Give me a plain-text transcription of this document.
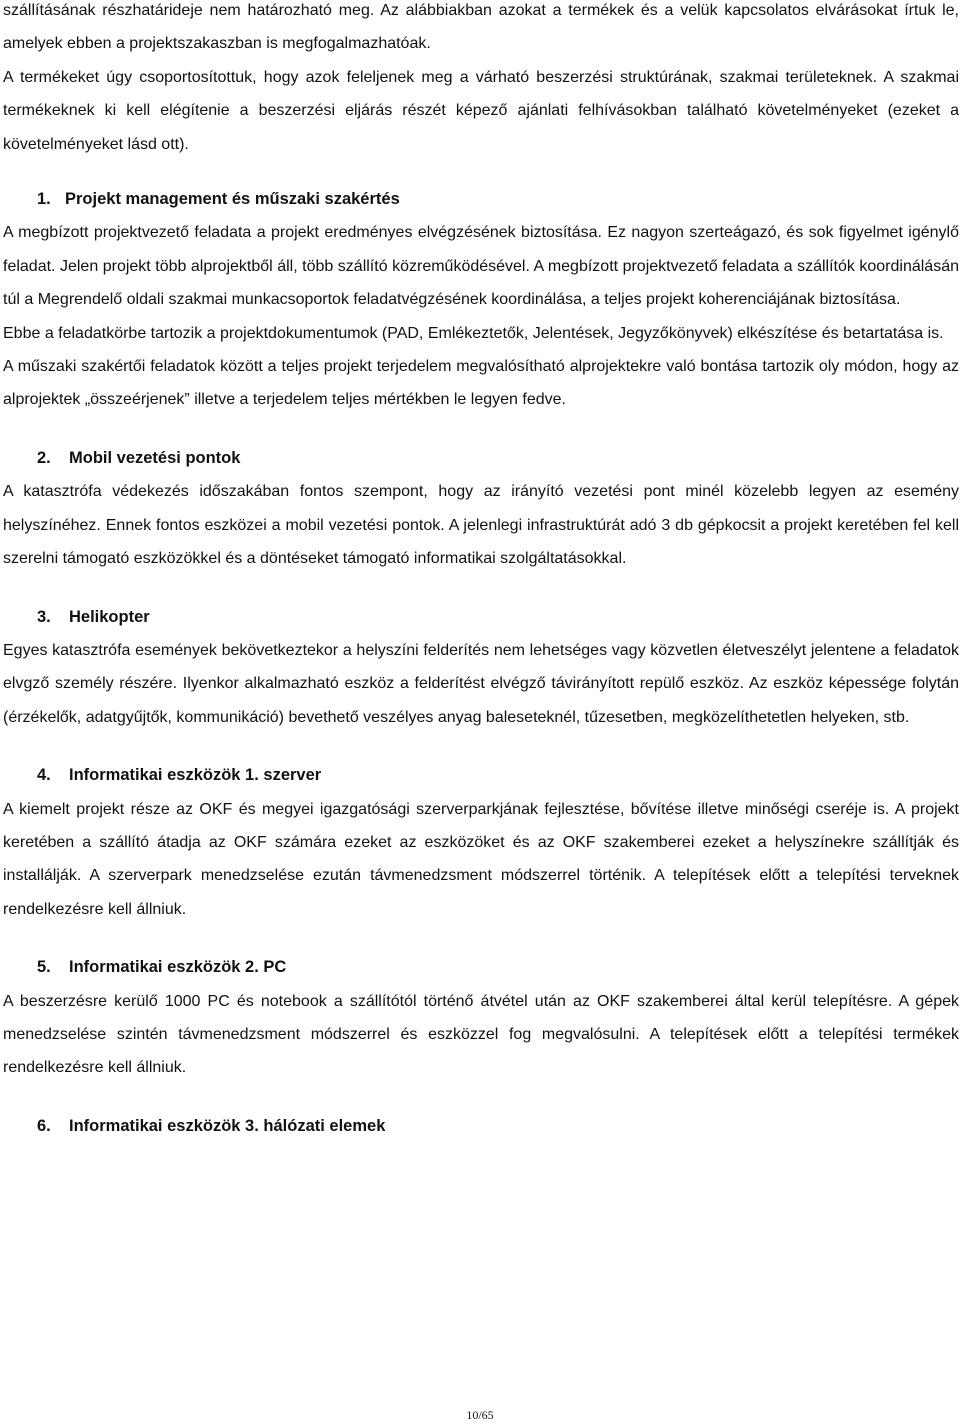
szállításának részhatárideje nem határozható meg. Az alábbiakban azokat a termékek és a velük kapcsolatos elvárásokat írtuk le, amelyek ebben a projektszakaszban is megfogalmazhatóak.

A termékeket úgy csoportosítottuk, hogy azok feleljenek meg a várható beszerzési struktúrának, szakmai területeknek. A szakmai termékeknek ki kell elégítenie a beszerzési eljárás részét képező ajánlati felhívásokban található követelményeket (ezeket a követelményeket lásd ott).

1. Projekt management és műszaki szakértés

A megbízott projektvezető feladata a projekt eredményes elvégzésének biztosítása. Ez nagyon szerteágazó, és sok figyelmet igénylő feladat. Jelen projekt több alprojektből áll, több szállító közreműködésével. A megbízott projektvezető feladata a szállítók koordinálásán túl a Megrendelő oldali szakmai munkacsoportok feladatvégzésének koordinálása, a teljes projekt koherenciájának biztosítása.

Ebbe a feladatkörbe tartozik a projektdokumentumok (PAD, Emlékeztetők, Jelentések, Jegyzőkönyvek) elkészítése és betartatása is.

A műszaki szakértői feladatok között a teljes projekt terjedelem megvalósítható alprojektekre való bontása tartozik oly módon, hogy az alprojektek „összeérjenek” illetve a terjedelem teljes mértékben le legyen fedve.

2. Mobil vezetési pontok

A katasztrófa védekezés időszakában fontos szempont, hogy az irányító vezetési pont minél közelebb legyen az esemény helyszínéhez. Ennek fontos eszközei a mobil vezetési pontok. A jelenlegi infrastruktúrát adó 3 db gépkocsit a projekt keretében fel kell szerelni támogató eszközökkel és a döntéseket támogató informatikai szolgáltatásokkal.

3. Helikopter

Egyes katasztrófa események bekövetkeztekor a helyszíni felderítés nem lehetséges vagy közvetlen életveszélyt jelentene a feladatok elvgző személy részére. Ilyenkor alkalmazható eszköz a felderítést elvégző távirányított repülő eszköz. Az eszköz képessége folytán (érzékelők, adatgyűjtők, kommunikáció) bevethető veszélyes anyag baleseteknél, tűzesetben, megközelíthetetlen helyeken, stb.

4. Informatikai eszközök 1. szerver

A kiemelt projekt része az OKF és megyei igazgatósági szerverparkjának fejlesztése, bővítése illetve minőségi cseréje is. A projekt keretében a szállító átadja az OKF számára ezeket az eszközöket és az OKF szakemberei ezeket a helyszínekre szállítják és installálják. A szerverpark menedzselése ezután távmenedzsment módszerrel történik. A telepítések előtt a telepítési terveknek rendelkezésre kell állniuk.

5. Informatikai eszközök 2. PC

A beszerzésre kerülő 1000 PC és notebook a szállítótól történő átvétel után az OKF szakemberei által kerül telepítésre. A gépek menedzselése szintén távmenedzsment módszerrel és eszközzel fog megvalósulni. A telepítések előtt a telepítési termékek rendelkezésre kell állniuk.

6. Informatikai eszközök 3. hálózati elemek

10/65
